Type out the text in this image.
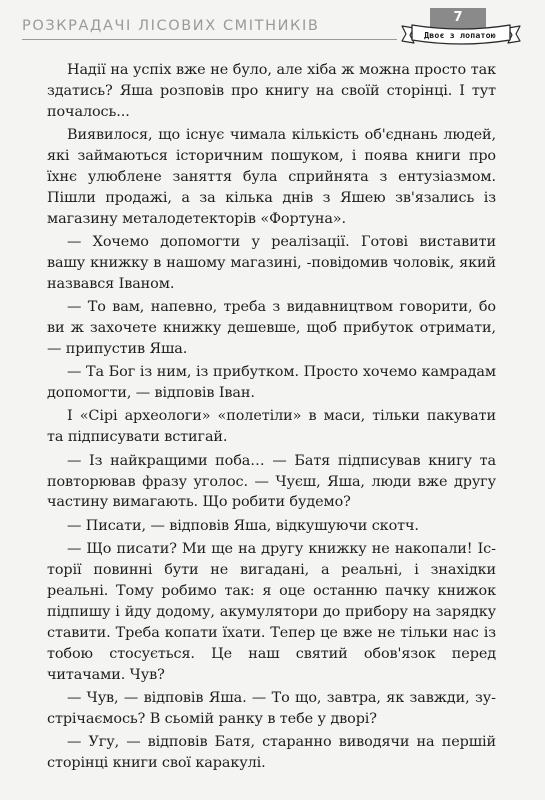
РОЗКРАДАЧІ ЛІСОВИХ СМІТНИКІВ
7
Двоє з лопатою

Надії на успіх вже не було, але хіба ж можна просто так здатись? Яша розповів про книгу на своїй сторінці. І тут почалось...

Виявилося, що існує чимала кількість об'єднань людей, які займаються історичним пошуком, і поява книги про їхнє улюблене заняття була сприйнята з ентузіазмом. Пішли продажі, а за кілька днів з Яшею зв'язались із магазину металодетекторів «Фортуна».

— Хочемо допомогти у реалізації. Готові виставити вашу книжку в нашому магазині, -повідомив чоловік, який назвався Іваном.

— То вам, напевно, треба з видавництвом говорити, бо ви ж захочете книжку дешевше, щоб прибуток отримати, — припустив Яша.

— Та Бог із ним, із прибутком. Просто хочемо камрадам допомогти, — відповів Іван.

І «Сірі археологи» «полетіли» в маси, тільки пакувати та підписувати встигай.

— Із найкращими поба… — Батя підписував книгу та повторював фразу уголос. — Чуєш, Яша, люди вже другу частину вимагають. Що робити будемо?

— Писати, — відповів Яша, відкушуючи скотч.

— Що писати? Ми ще на другу книжку не накопали! Історії повинні бути не вигадані, а реальні, і знахідки реальні. Тому робимо так: я оце останню пачку книжок підпишу і йду додому, акумулятори до прибору на зарядку ставити. Треба копати їхати. Тепер це вже не тільки нас із тобою стосується. Це наш святий обов'язок перед читачами. Чув?

— Чув, — відповів Яша. — То що, завтра, як завжди, зустрічаємось? В сьомій ранку в тебе у дворі?

— Угу, — відповів Батя, старанно виводячи на першій сторінці книги свої каракулі.
